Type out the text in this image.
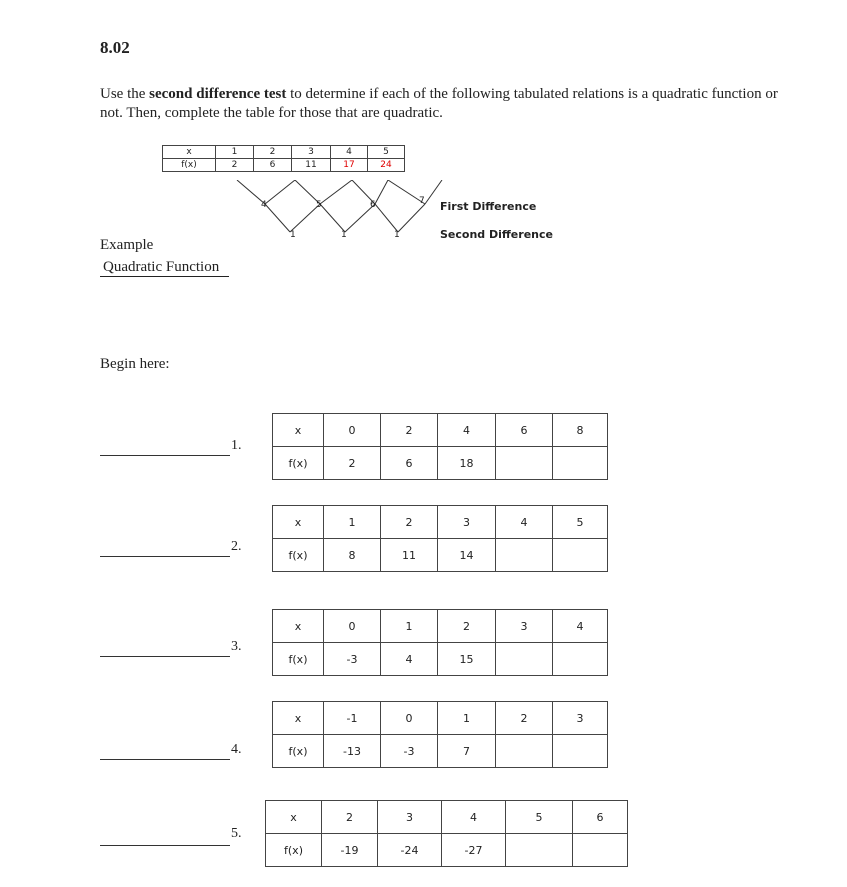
8.02
Use the second difference test to determine if each of the following tabulated relations is a quadratic function or not. Then, complete the table for those that are quadratic.
x	1	2	3	4	5
f(x)	2	6	11	17	24
4	5	6	7
1	1	1
First Difference
Second Difference
Example
Quadratic Function
Begin here:
1.
x	0	2	4	6	8
f(x)	2	6	18		
2.
x	1	2	3	4	5
f(x)	8	11	14		
3.
x	0	1	2	3	4
f(x)	-3	4	15		
4.
x	-1	0	1	2	3
f(x)	-13	-3	7		
5.
x	2	3	4	5	6
f(x)	-19	-24	-27		
